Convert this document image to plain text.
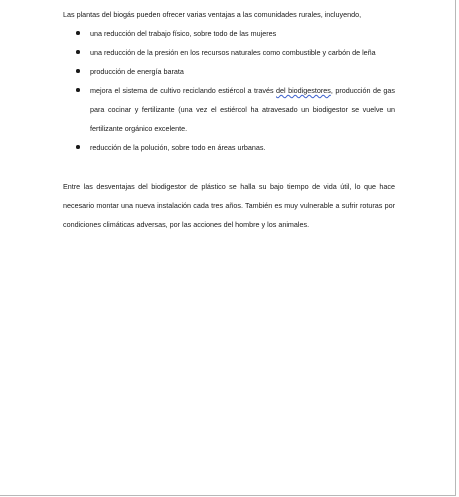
Las plantas del biogás pueden ofrecer varias ventajas a las comunidades rurales, incluyendo,

una reducción del trabajo físico, sobre todo de las mujeres
una reducción de la presión en los recursos naturales como combustible y carbón de leña
producción de energía barata
mejora el sistema de cultivo reciclando estiércol a través del biodigestores, producción de gas para cocinar y fertilizante (una vez el estiércol ha atravesado un biodigestor se vuelve un fertilizante orgánico excelente.
reducción de la polución, sobre todo en áreas urbanas.

Entre las desventajas del biodigestor de plástico se halla su bajo tiempo de vida útil, lo que hace necesario montar una nueva instalación cada tres años. También es muy vulnerable a sufrir roturas por condiciones climáticas adversas, por las acciones del hombre y los animales.
